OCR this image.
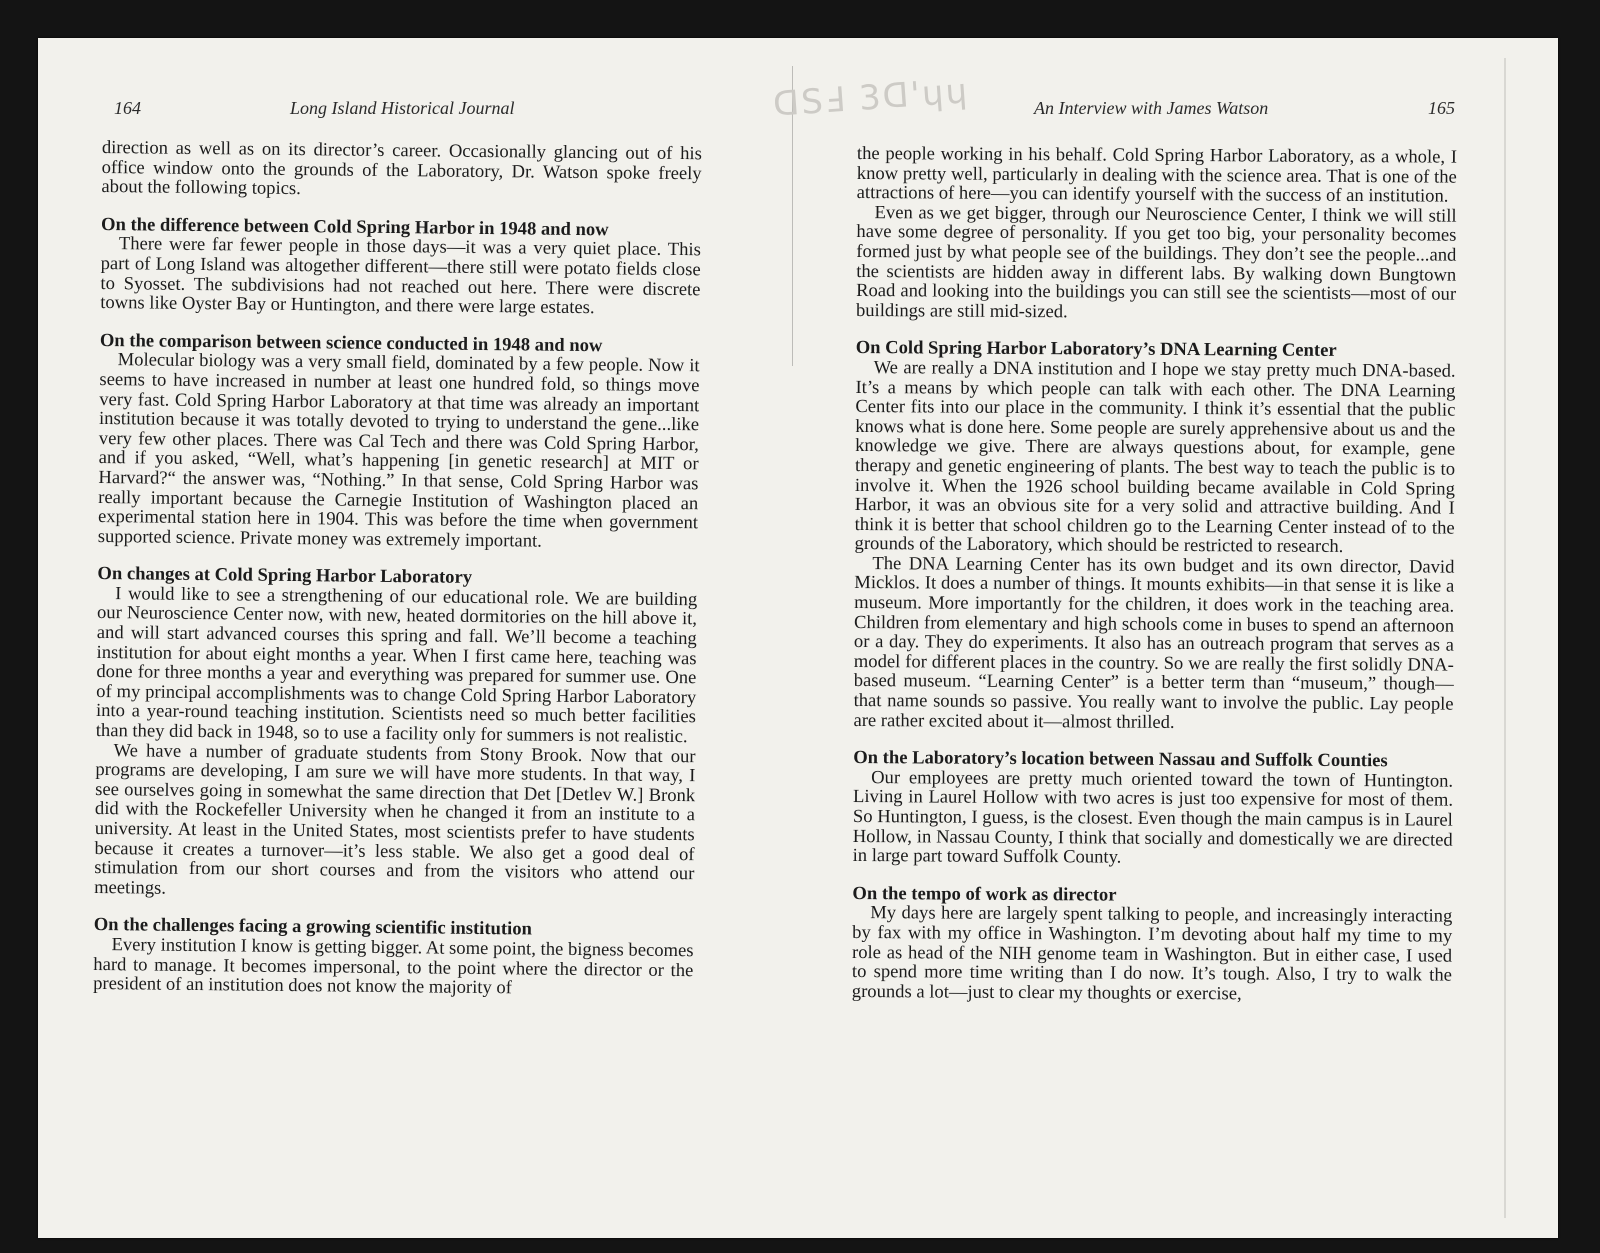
ᗡSℲ 3ᗡ'ɥɥ
164	Long Island Historical Journal	An Interview with James Watson	165

direction as well as on its director’s career. Occasionally glancing out of his office window onto the grounds of the Laboratory, Dr. Watson spoke freely about the following topics.

On the difference between Cold Spring Harbor in 1948 and now

There were far fewer people in those days—it was a very quiet place. This part of Long Island was altogether different—there still were potato fields close to Syosset. The subdivisions had not reached out here. There were discrete towns like Oyster Bay or Huntington, and there were large estates.

On the comparison between science conducted in 1948 and now

Molecular biology was a very small field, dominated by a few people. Now it seems to have increased in number at least one hundred fold, so things move very fast. Cold Spring Harbor Laboratory at that time was already an important institution because it was totally devoted to trying to understand the gene...like very few other places. There was Cal Tech and there was Cold Spring Harbor, and if you asked, “Well, what’s happening [in genetic research] at MIT or Harvard?“ the answer was, “Nothing.” In that sense, Cold Spring Harbor was really important because the Carnegie Institution of Washington placed an experimental station here in 1904. This was before the time when government supported science. Private money was extremely important.

On changes at Cold Spring Harbor Laboratory

I would like to see a strengthening of our educational role. We are building our Neuroscience Center now, with new, heated dormitories on the hill above it, and will start advanced courses this spring and fall. We’ll become a teaching institution for about eight months a year. When I first came here, teaching was done for three months a year and everything was prepared for summer use. One of my principal accomplishments was to change Cold Spring Harbor Laboratory into a year-round teaching institution. Scientists need so much better facilities than they did back in 1948, so to use a facility only for summers is not realistic.

We have a number of graduate students from Stony Brook. Now that our programs are developing, I am sure we will have more students. In that way, I see ourselves going in somewhat the same direction that Det [Detlev W.] Bronk did with the Rockefeller University when he changed it from an institute to a university. At least in the United States, most scientists prefer to have students because it creates a turnover—it’s less stable. We also get a good deal of stimulation from our short courses and from the visitors who attend our meetings.

On the challenges facing a growing scientific institution

Every institution I know is getting bigger. At some point, the bigness becomes hard to manage. It becomes impersonal, to the point where the director or the president of an institution does not know the majority of

the people working in his behalf. Cold Spring Harbor Laboratory, as a whole, I know pretty well, particularly in dealing with the science area. That is one of the attractions of here—you can identify yourself with the success of an institution.

Even as we get bigger, through our Neuroscience Center, I think we will still have some degree of personality. If you get too big, your personality becomes formed just by what people see of the buildings. They don’t see the people...and the scientists are hidden away in different labs. By walking down Bungtown Road and looking into the buildings you can still see the scientists—most of our buildings are still mid-sized.

On Cold Spring Harbor Laboratory’s DNA Learning Center

We are really a DNA institution and I hope we stay pretty much DNA-based. It’s a means by which people can talk with each other. The DNA Learning Center fits into our place in the community. I think it’s essential that the public knows what is done here. Some people are surely apprehensive about us and the knowledge we give. There are always questions about, for example, gene therapy and genetic engineering of plants. The best way to teach the public is to involve it. When the 1926 school building became available in Cold Spring Harbor, it was an obvious site for a very solid and attractive building. And I think it is better that school children go to the Learning Center instead of to the grounds of the Laboratory, which should be restricted to research.

The DNA Learning Center has its own budget and its own director, David Micklos. It does a number of things. It mounts exhibits—in that sense it is like a museum. More importantly for the children, it does work in the teaching area. Children from elementary and high schools come in buses to spend an afternoon or a day. They do experiments. It also has an outreach program that serves as a model for different places in the country. So we are really the first solidly DNA-based museum. “Learning Center” is a better term than “museum,” though—that name sounds so passive. You really want to involve the public. Lay people are rather excited about it—almost thrilled.

On the Laboratory’s location between Nassau and Suffolk Counties

Our employees are pretty much oriented toward the town of Huntington. Living in Laurel Hollow with two acres is just too expensive for most of them. So Huntington, I guess, is the closest. Even though the main campus is in Laurel Hollow, in Nassau County, I think that socially and domestically we are directed in large part toward Suffolk County.

On the tempo of work as director

My days here are largely spent talking to people, and increasingly interacting by fax with my office in Washington. I’m devoting about half my time to my role as head of the NIH genome team in Washington. But in either case, I used to spend more time writing than I do now. It’s tough. Also, I try to walk the grounds a lot—just to clear my thoughts or exercise,
